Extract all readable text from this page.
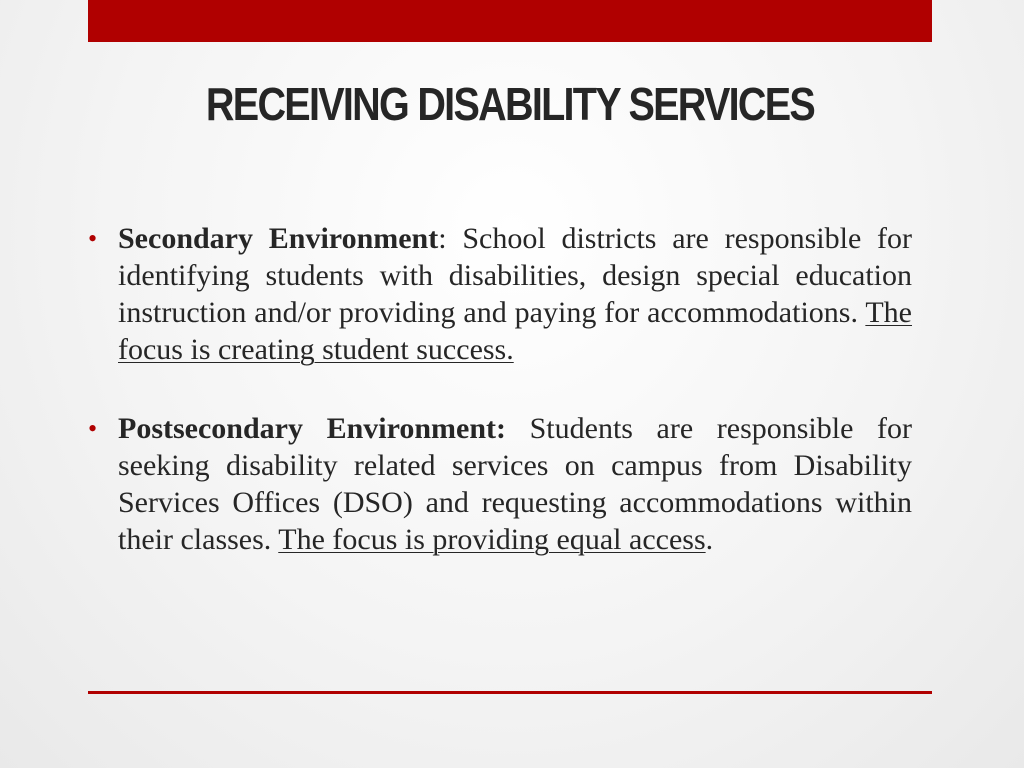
RECEIVING DISABILITY SERVICES

• Secondary Environment: School districts are responsible for identifying students with disabilities, design special education instruction and/or providing and paying for accommodations. The focus is creating student success.

• Postsecondary Environment: Students are responsible for seeking disability related services on campus from Disability Services Offices (DSO) and requesting accommodations within their classes. The focus is providing equal access.
